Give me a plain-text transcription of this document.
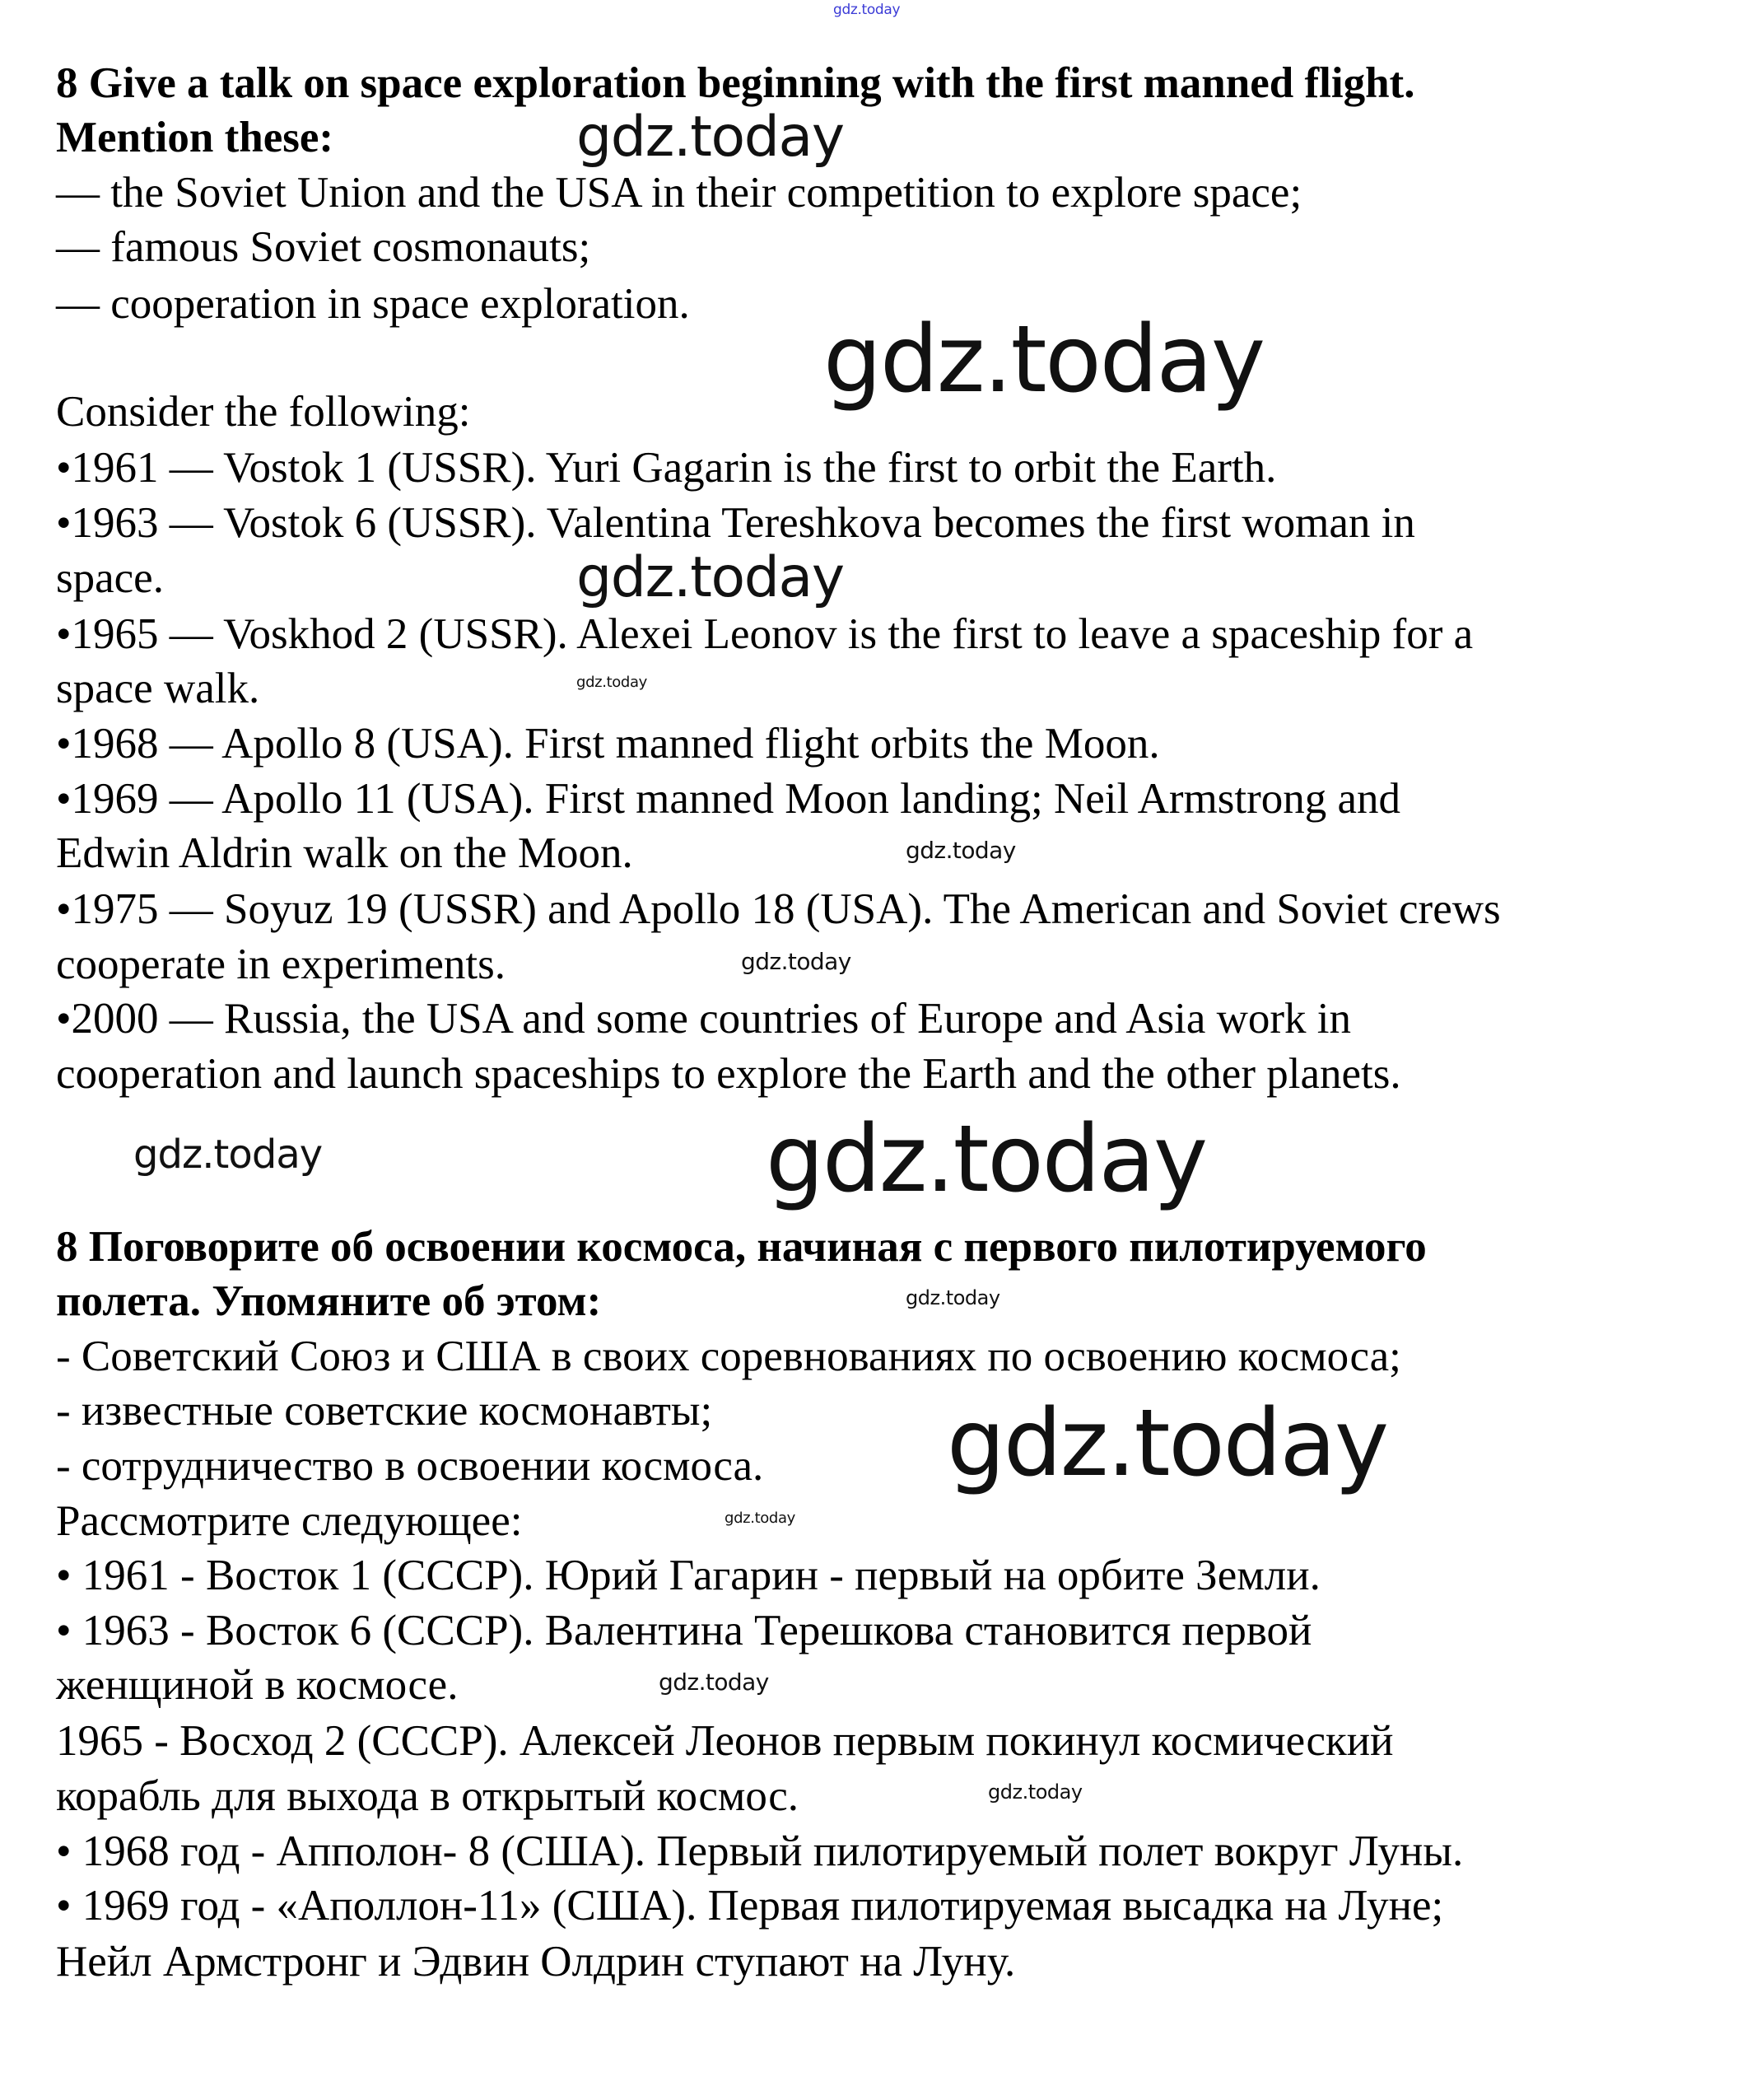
8 Give a talk on space exploration beginning with the first manned flight.
Mention these:
— the Soviet Union and the USA in their competition to explore space;
— famous Soviet cosmonauts;
— cooperation in space exploration.
Consider the following:
•1961 — Vostok 1 (USSR). Yuri Gagarin is the first to orbit the Earth.
•1963 — Vostok 6 (USSR). Valentina Tereshkova becomes the first woman in
space.
•1965 — Voskhod 2 (USSR). Alexei Leonov is the first to leave a spaceship for a
space walk.
•1968 — Apollo 8 (USA). First manned flight orbits the Moon.
•1969 — Apollo 11 (USA). First manned Moon landing; Neil Armstrong and
Edwin Aldrin walk on the Moon.
•1975 — Soyuz 19 (USSR) and Apollo 18 (USA). The American and Soviet crews
cooperate in experiments.
•2000 — Russia, the USA and some countries of Europe and Asia work in
cooperation and launch spaceships to explore the Earth and the other planets.
8 Поговорите об освоении космоса, начиная с первого пилотируемого
полета. Упомяните об этом:
- Советский Союз и США в своих соревнованиях по освоению космоса;
- известные советские космонавты;
- сотрудничество в освоении космоса.
Рассмотрите следующее:
• 1961 - Восток 1 (СССР). Юрий Гагарин - первый на орбите Земли.
• 1963 - Восток 6 (СССР). Валентина Терешкова становится первой
женщиной в космосе.
1965 - Восход 2 (СССР). Алексей Леонов первым покинул космический
корабль для выхода в открытый космос.
• 1968 год - Апполон- 8 (США). Первый пилотируемый полет вокруг Луны.
• 1969 год - «Аполлон-11» (США). Первая пилотируемая высадка на Луне;
Нейл Армстронг и Эдвин Олдрин ступают на Луну.
gdz.today
gdz.today
gdz.today
gdz.today
gdz.today
gdz.today
gdz.today
gdz.today
gdz.today
gdz.today
gdz.today
gdz.today
gdz.today
gdz.today
